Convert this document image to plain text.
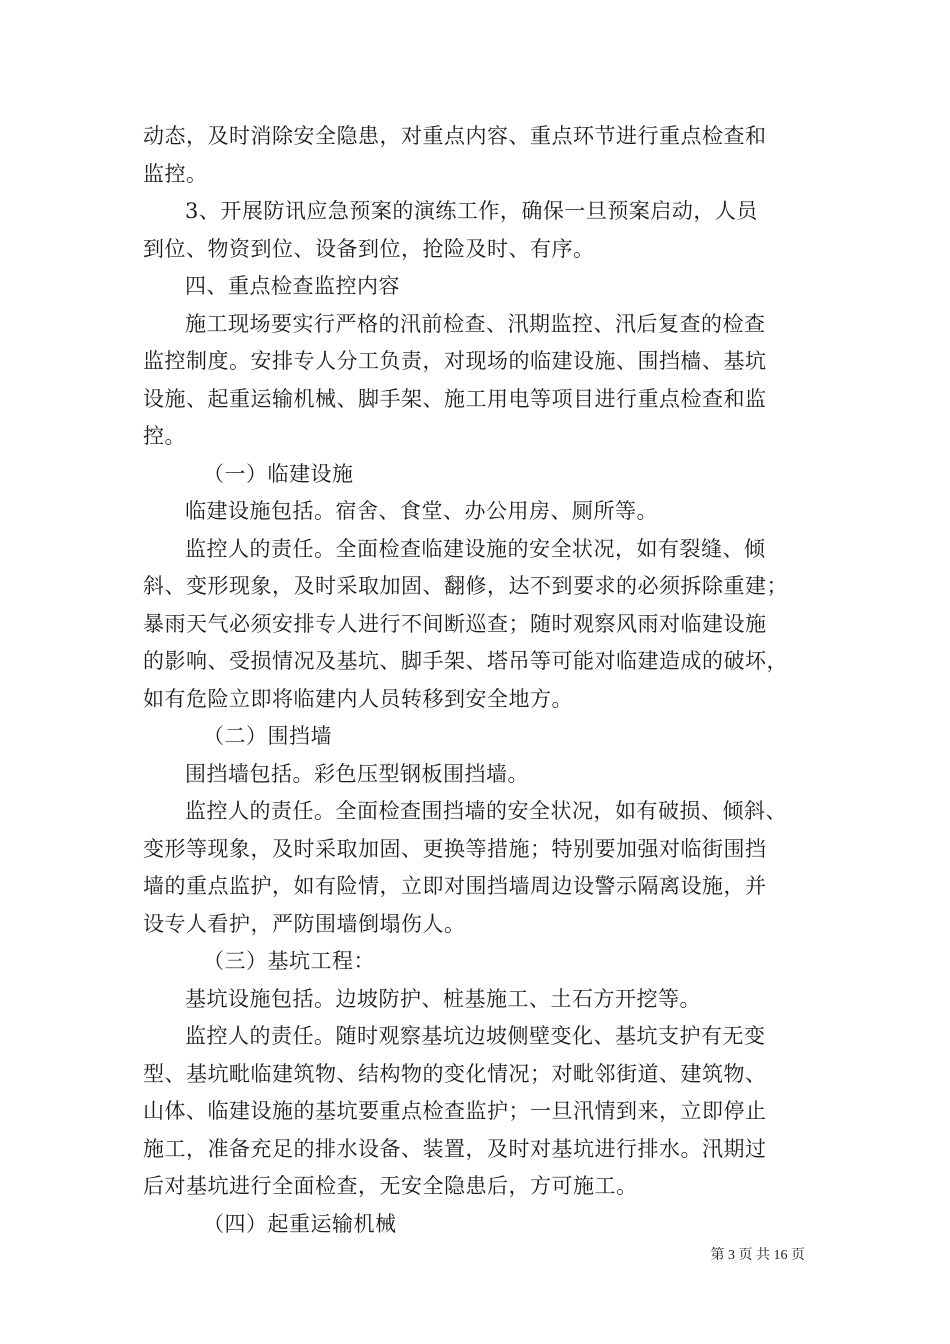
动态，及时消除安全隐患，对重点内容、重点环节进行重点检查和
监控。
3、开展防讯应急预案的演练工作，确保一旦预案启动，人员
到位、物资到位、设备到位，抢险及时、有序。
四、重点检查监控内容
施工现场要实行严格的汛前检查、汛期监控、汛后复查的检查
监控制度。安排专人分工负责，对现场的临建设施、围挡樯、基坑
设施、起重运输机械、脚手架、施工用电等项目进行重点检查和监
控。
（一）临建设施
临建设施包括。宿舍、食堂、办公用房、厕所等。
监控人的责任。全面检查临建设施的安全状况，如有裂缝、倾
斜、变形现象，及时采取加固、翻修，达不到要求的必须拆除重建；
暴雨天气必须安排专人进行不间断巡查；随时观察风雨对临建设施
的影响、受损情况及基坑、脚手架、塔吊等可能对临建造成的破坏，
如有危险立即将临建内人员转移到安全地方。
（二）围挡墙
围挡墙包括。彩色压型钢板围挡墙。
监控人的责任。全面检查围挡墙的安全状况，如有破损、倾斜、
变形等现象，及时采取加固、更换等措施；特别要加强对临街围挡
墙的重点监护，如有险情，立即对围挡墙周边设警示隔离设施，并
设专人看护，严防围墙倒塌伤人。
（三）基坑工程：
基坑设施包括。边坡防护、桩基施工、土石方开挖等。
监控人的责任。随时观察基坑边坡侧壁变化、基坑支护有无变
型、基坑毗临建筑物、结构物的变化情况；对毗邻街道、建筑物、
山体、临建设施的基坑要重点检查监护；一旦汛情到来，立即停止
施工，准备充足的排水设备、装置，及时对基坑进行排水。汛期过
后对基坑进行全面检查，无安全隐患后，方可施工。
（四）起重运输机械
第 3 页 共 16 页
